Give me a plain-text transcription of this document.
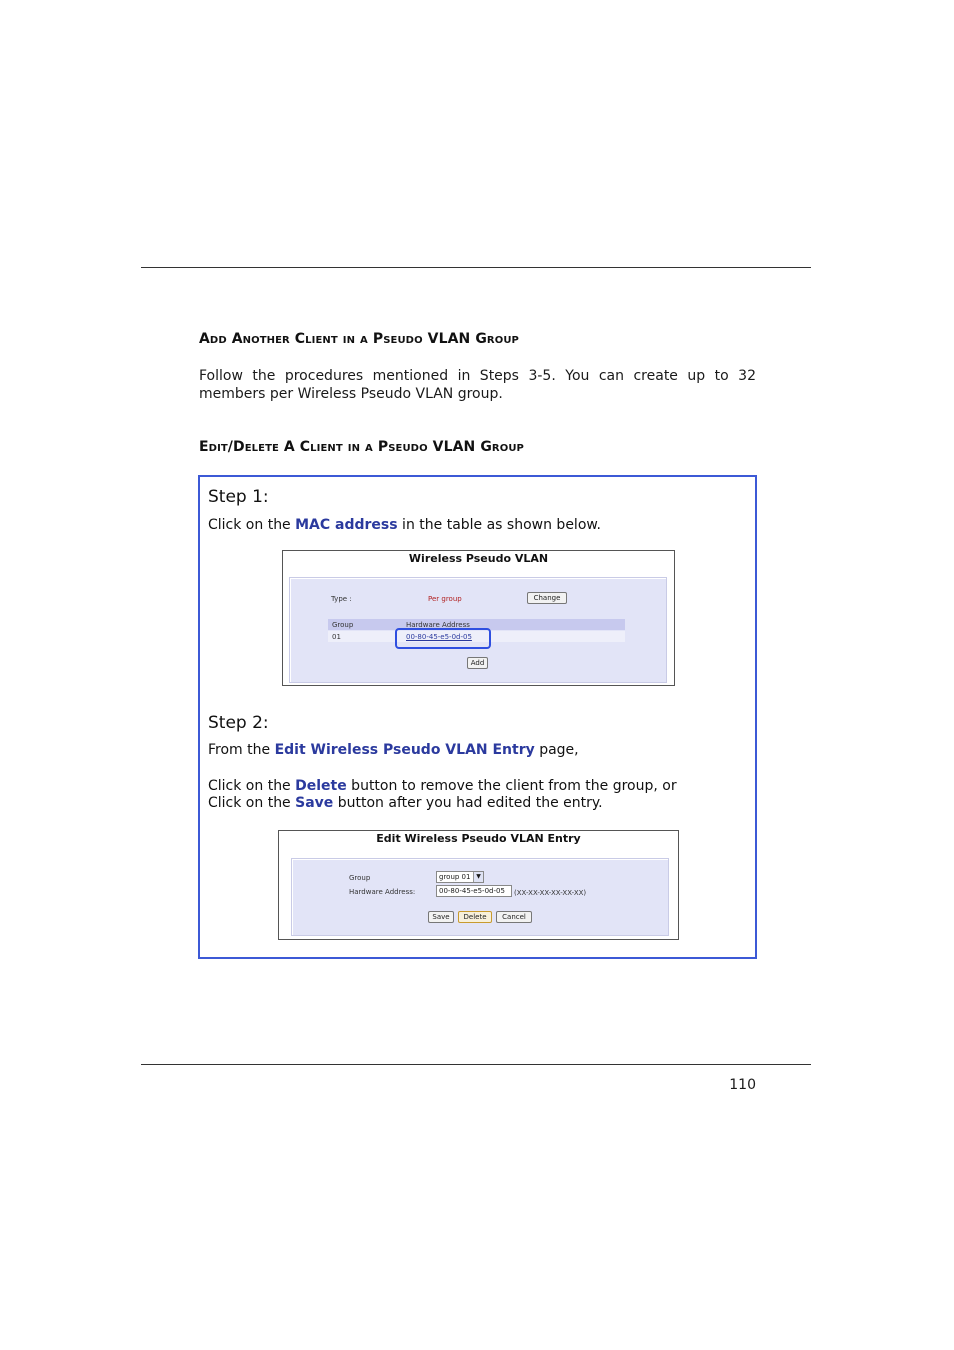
Add Another Client in a Pseudo VLAN Group
Follow the procedures mentioned in Steps 3-5. You can create up to 32 members per Wireless Pseudo VLAN group.
Edit/Delete A Client in a Pseudo VLAN Group
Step 1:
Click on the MAC address in the table as shown below.
Wireless Pseudo VLAN
Type :	Per group	Change
Group	Hardware Address
01	00-80-45-e5-0d-05
Add
Step 2:
From the Edit Wireless Pseudo VLAN Entry page,
Click on the Delete button to remove the client from the group, or
Click on the Save button after you had edited the entry.
Edit Wireless Pseudo VLAN Entry
Group	group 01 ▼
Hardware Address:	00-80-45-e5-0d-05	(XX-XX-XX-XX-XX-XX)
Save	Delete	Cancel
110
